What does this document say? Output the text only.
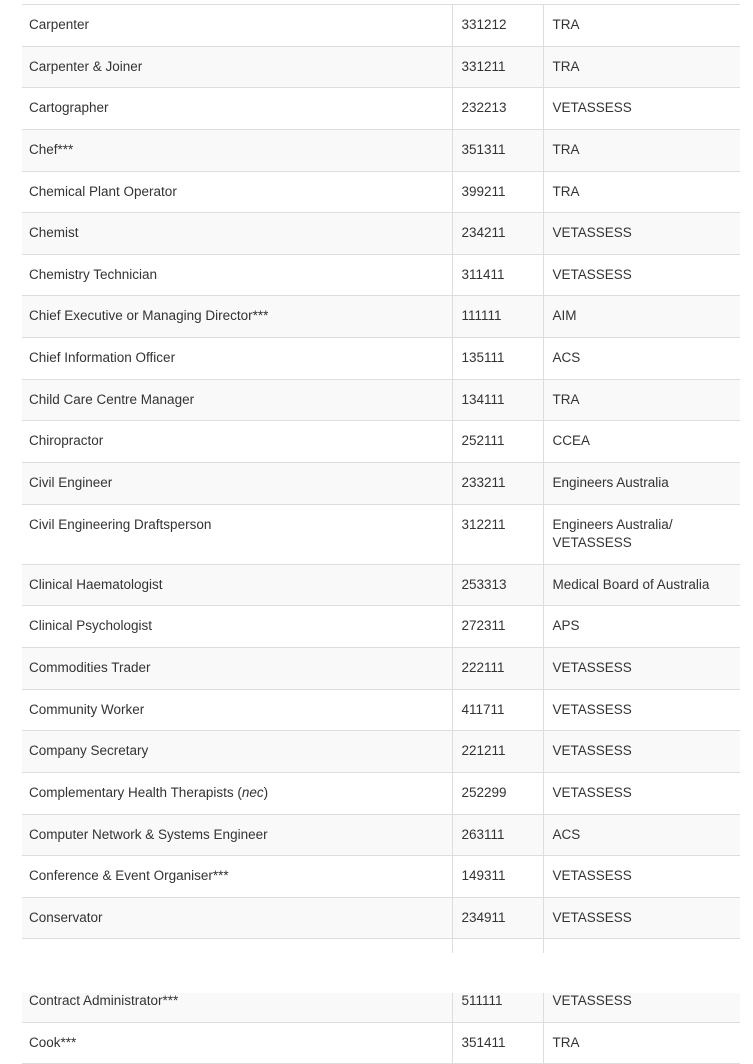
Carpenter	331212	TRA
Carpenter & Joiner	331211	TRA
Cartographer	232213	VETASSESS
Chef***	351311	TRA
Chemical Plant Operator	399211	TRA
Chemist	234211	VETASSESS
Chemistry Technician	311411	VETASSESS
Chief Executive or Managing Director***	111111	AIM
Chief Information Officer	135111	ACS
Child Care Centre Manager	134111	TRA
Chiropractor	252111	CCEA
Civil Engineer	233211	Engineers Australia
Civil Engineering Draftsperson	312211	Engineers Australia/ VETASSESS
Clinical Haematologist	253313	Medical Board of Australia
Clinical Psychologist	272311	APS
Commodities Trader	222111	VETASSESS
Community Worker	411711	VETASSESS
Company Secretary	221211	VETASSESS
Complementary Health Therapists (nec)	252299	VETASSESS
Computer Network & Systems Engineer	263111	ACS
Conference & Event Organiser***	149311	VETASSESS
Conservator	234911	VETASSESS

Contract Administrator***	511111	VETASSESS
Cook***	351411	TRA
